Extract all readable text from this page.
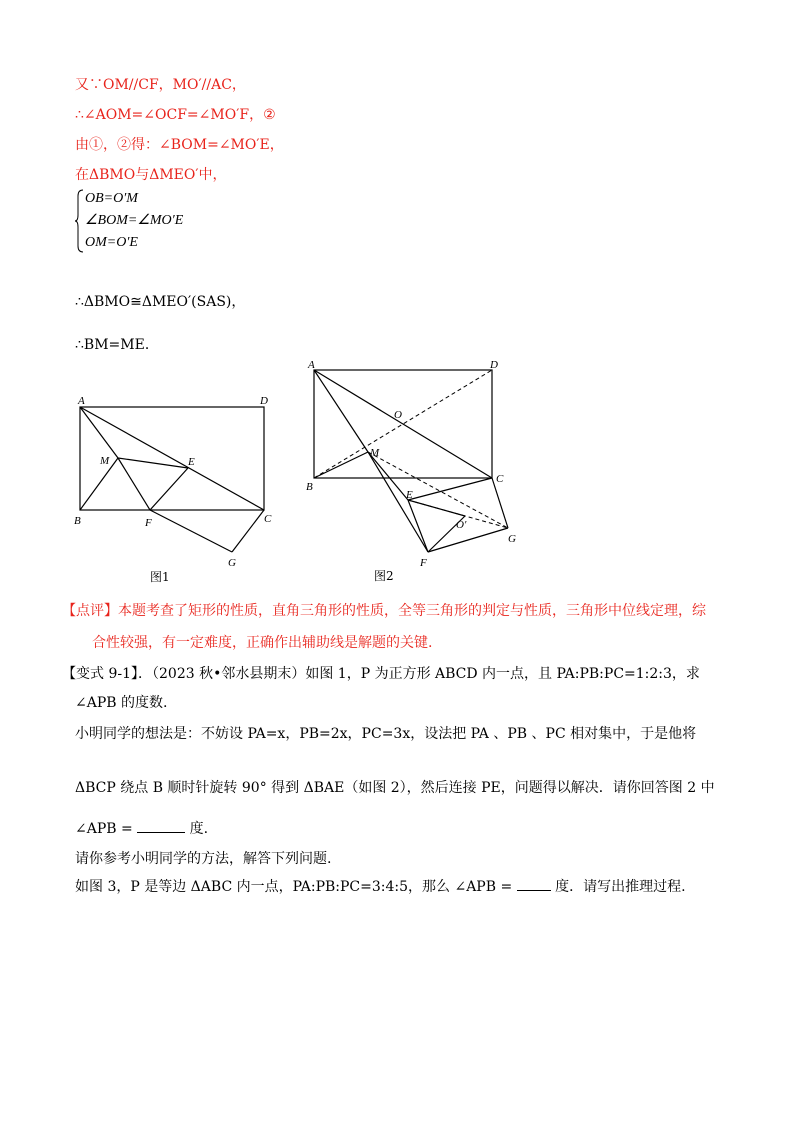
又∵OM//CF，MO′//AC，
∴∠AOM=∠OCF=∠MO′F，②
由①，②得：∠BOM=∠MO′E，
在ΔBMO与ΔMEO′中，
OB=O′M
∠BOM=∠MO′E
OM=O′E
∴ΔBMO≅ΔMEO′(SAS)，
∴BM=ME．
A	D
B	C
M	E
F
G
图1
A	D
B
C
O
M
E
O′
F
G
图2
【点评】本题考查了矩形的性质，直角三角形的性质，全等三角形的判定与性质，三角形中位线定理，综
合性较强，有一定难度，正确作出辅助线是解题的关键.
【变式 9-1】．（2023 秋•邻水县期末）如图 1，P 为正方形 ABCD 内一点，且 PA:PB:PC=1:2:3，求
∠APB 的度数.
小明同学的想法是：不妨设 PA=x，PB=2x，PC=3x，设法把 PA 、PB 、PC 相对集中，于是他将
ΔBCP 绕点 B 顺时针旋转 90° 得到 ΔBAE（如图 2），然后连接 PE，问题得以解决．请你回答图 2 中
∠APB =	度.
请你参考小明同学的方法，解答下列问题.
如图 3，P 是等边 ΔABC 内一点，PA:PB:PC=3:4:5，那么 ∠APB =	度．请写出推理过程.
